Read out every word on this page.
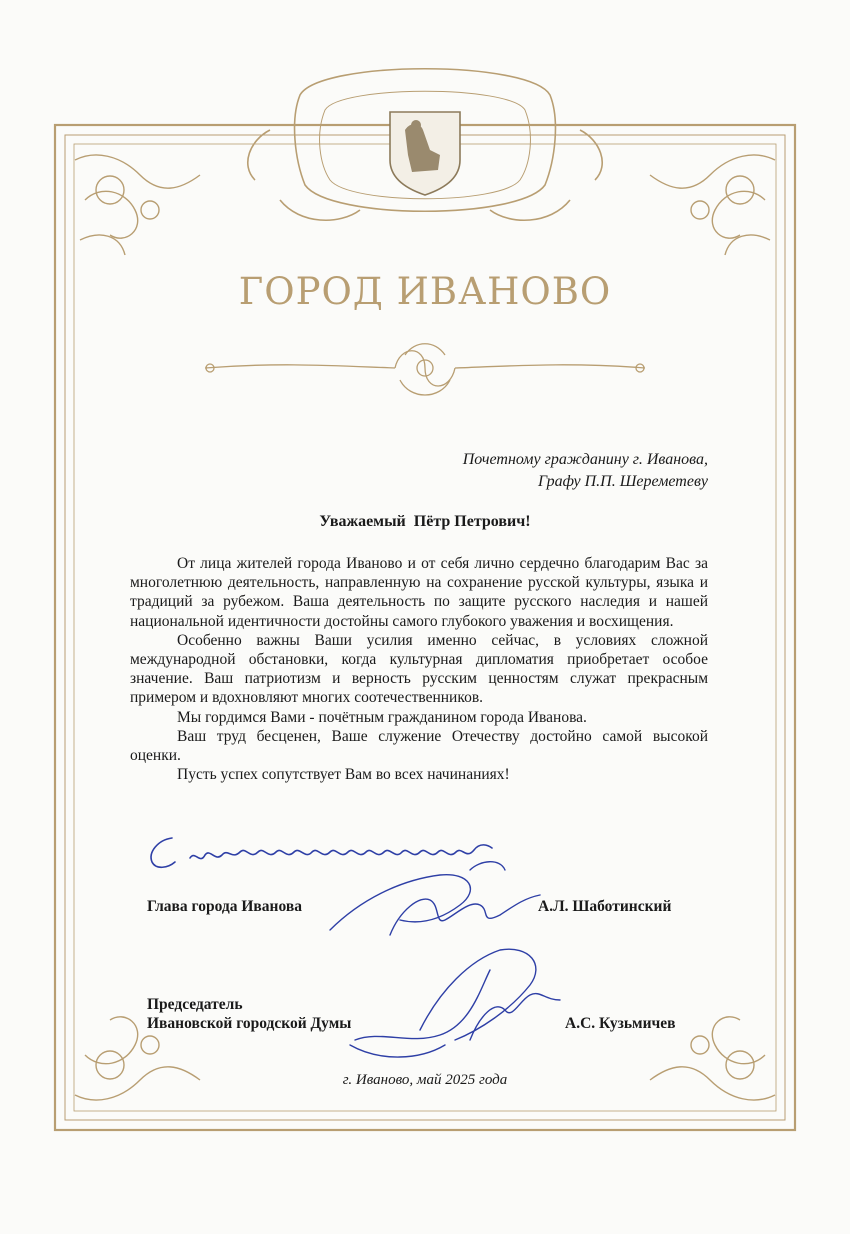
ГОРОД ИВАНОВО
Почетному гражданину г. Иванова,
Графу П.П. Шереметеву
Уважаемый  Пётр Петрович!

От лица жителей города Иваново и от себя лично сердечно благодарим Вас за многолетнюю деятельность, направленную на сохранение русской культуры, языка и традиций за рубежом. Ваша деятельность по защите русского наследия и нашей национальной идентичности достойны самого глубокого уважения и восхищения.

Особенно важны Ваши усилия именно сейчас, в условиях сложной международной обстановки, когда культурная дипломатия приобретает особое значение. Ваш патриотизм и верность русским ценностям служат прекрасным примером и вдохновляют многих соотечественников.

Мы гордимся Вами - почётным гражданином города Иванова.

Ваш труд бесценен, Ваше служение Отечеству достойно самой высокой оценки.

Пусть успех сопутствует Вам во всех начинаниях!

Глава города Иванова	А.Л. Шаботинский
Председатель
Ивановской городской Думы	А.С. Кузьмичев
г. Иваново, май 2025 года
